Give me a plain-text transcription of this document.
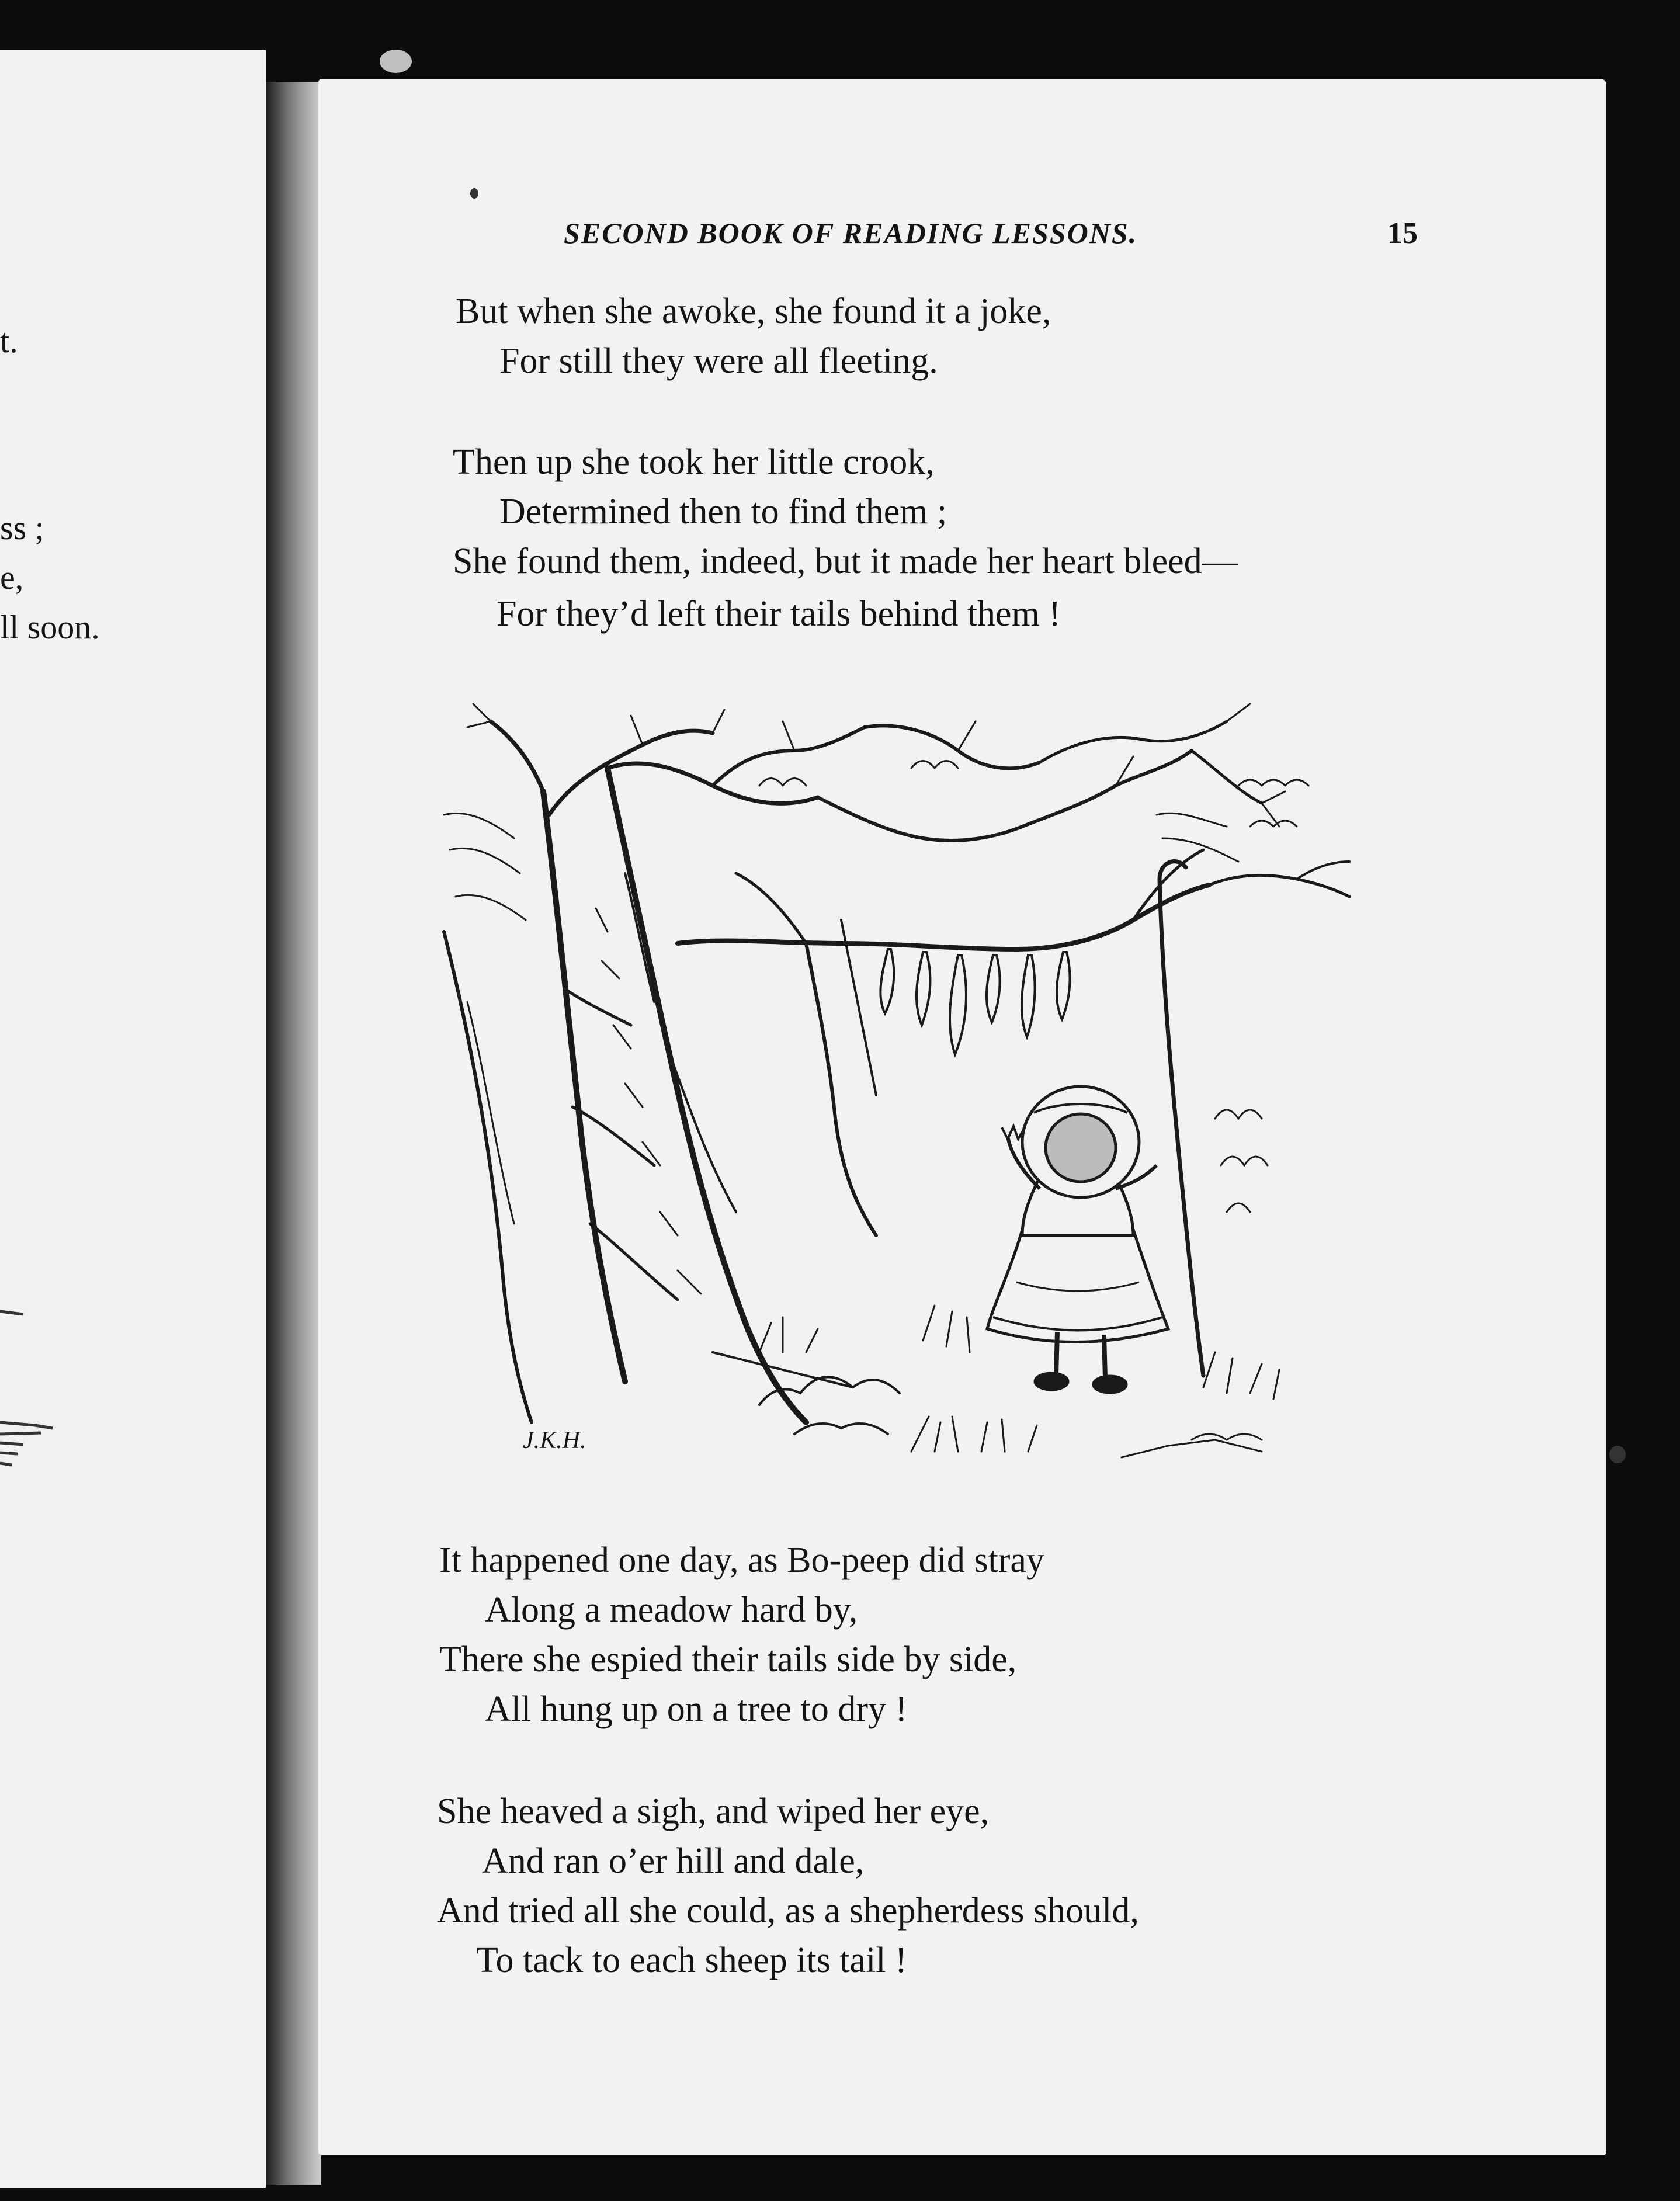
t.
ss ;
e,
ll soon.
SECOND BOOK OF READING LESSONS.	15
But when she awoke, she found it a joke,
For still they were all fleeting.
Then up she took her little crook,
Determined then to find them ;
She found them, indeed, but it made her heart bleed—
For they’d left their tails behind them !
J.K.H.
It happened one day, as Bo-peep did stray
Along a meadow hard by,
There she espied their tails side by side,
All hung up on a tree to dry !
She heaved a sigh, and wiped her eye,
And ran o’er hill and dale,
And tried all she could, as a shepherdess should,
To tack to each sheep its tail !
